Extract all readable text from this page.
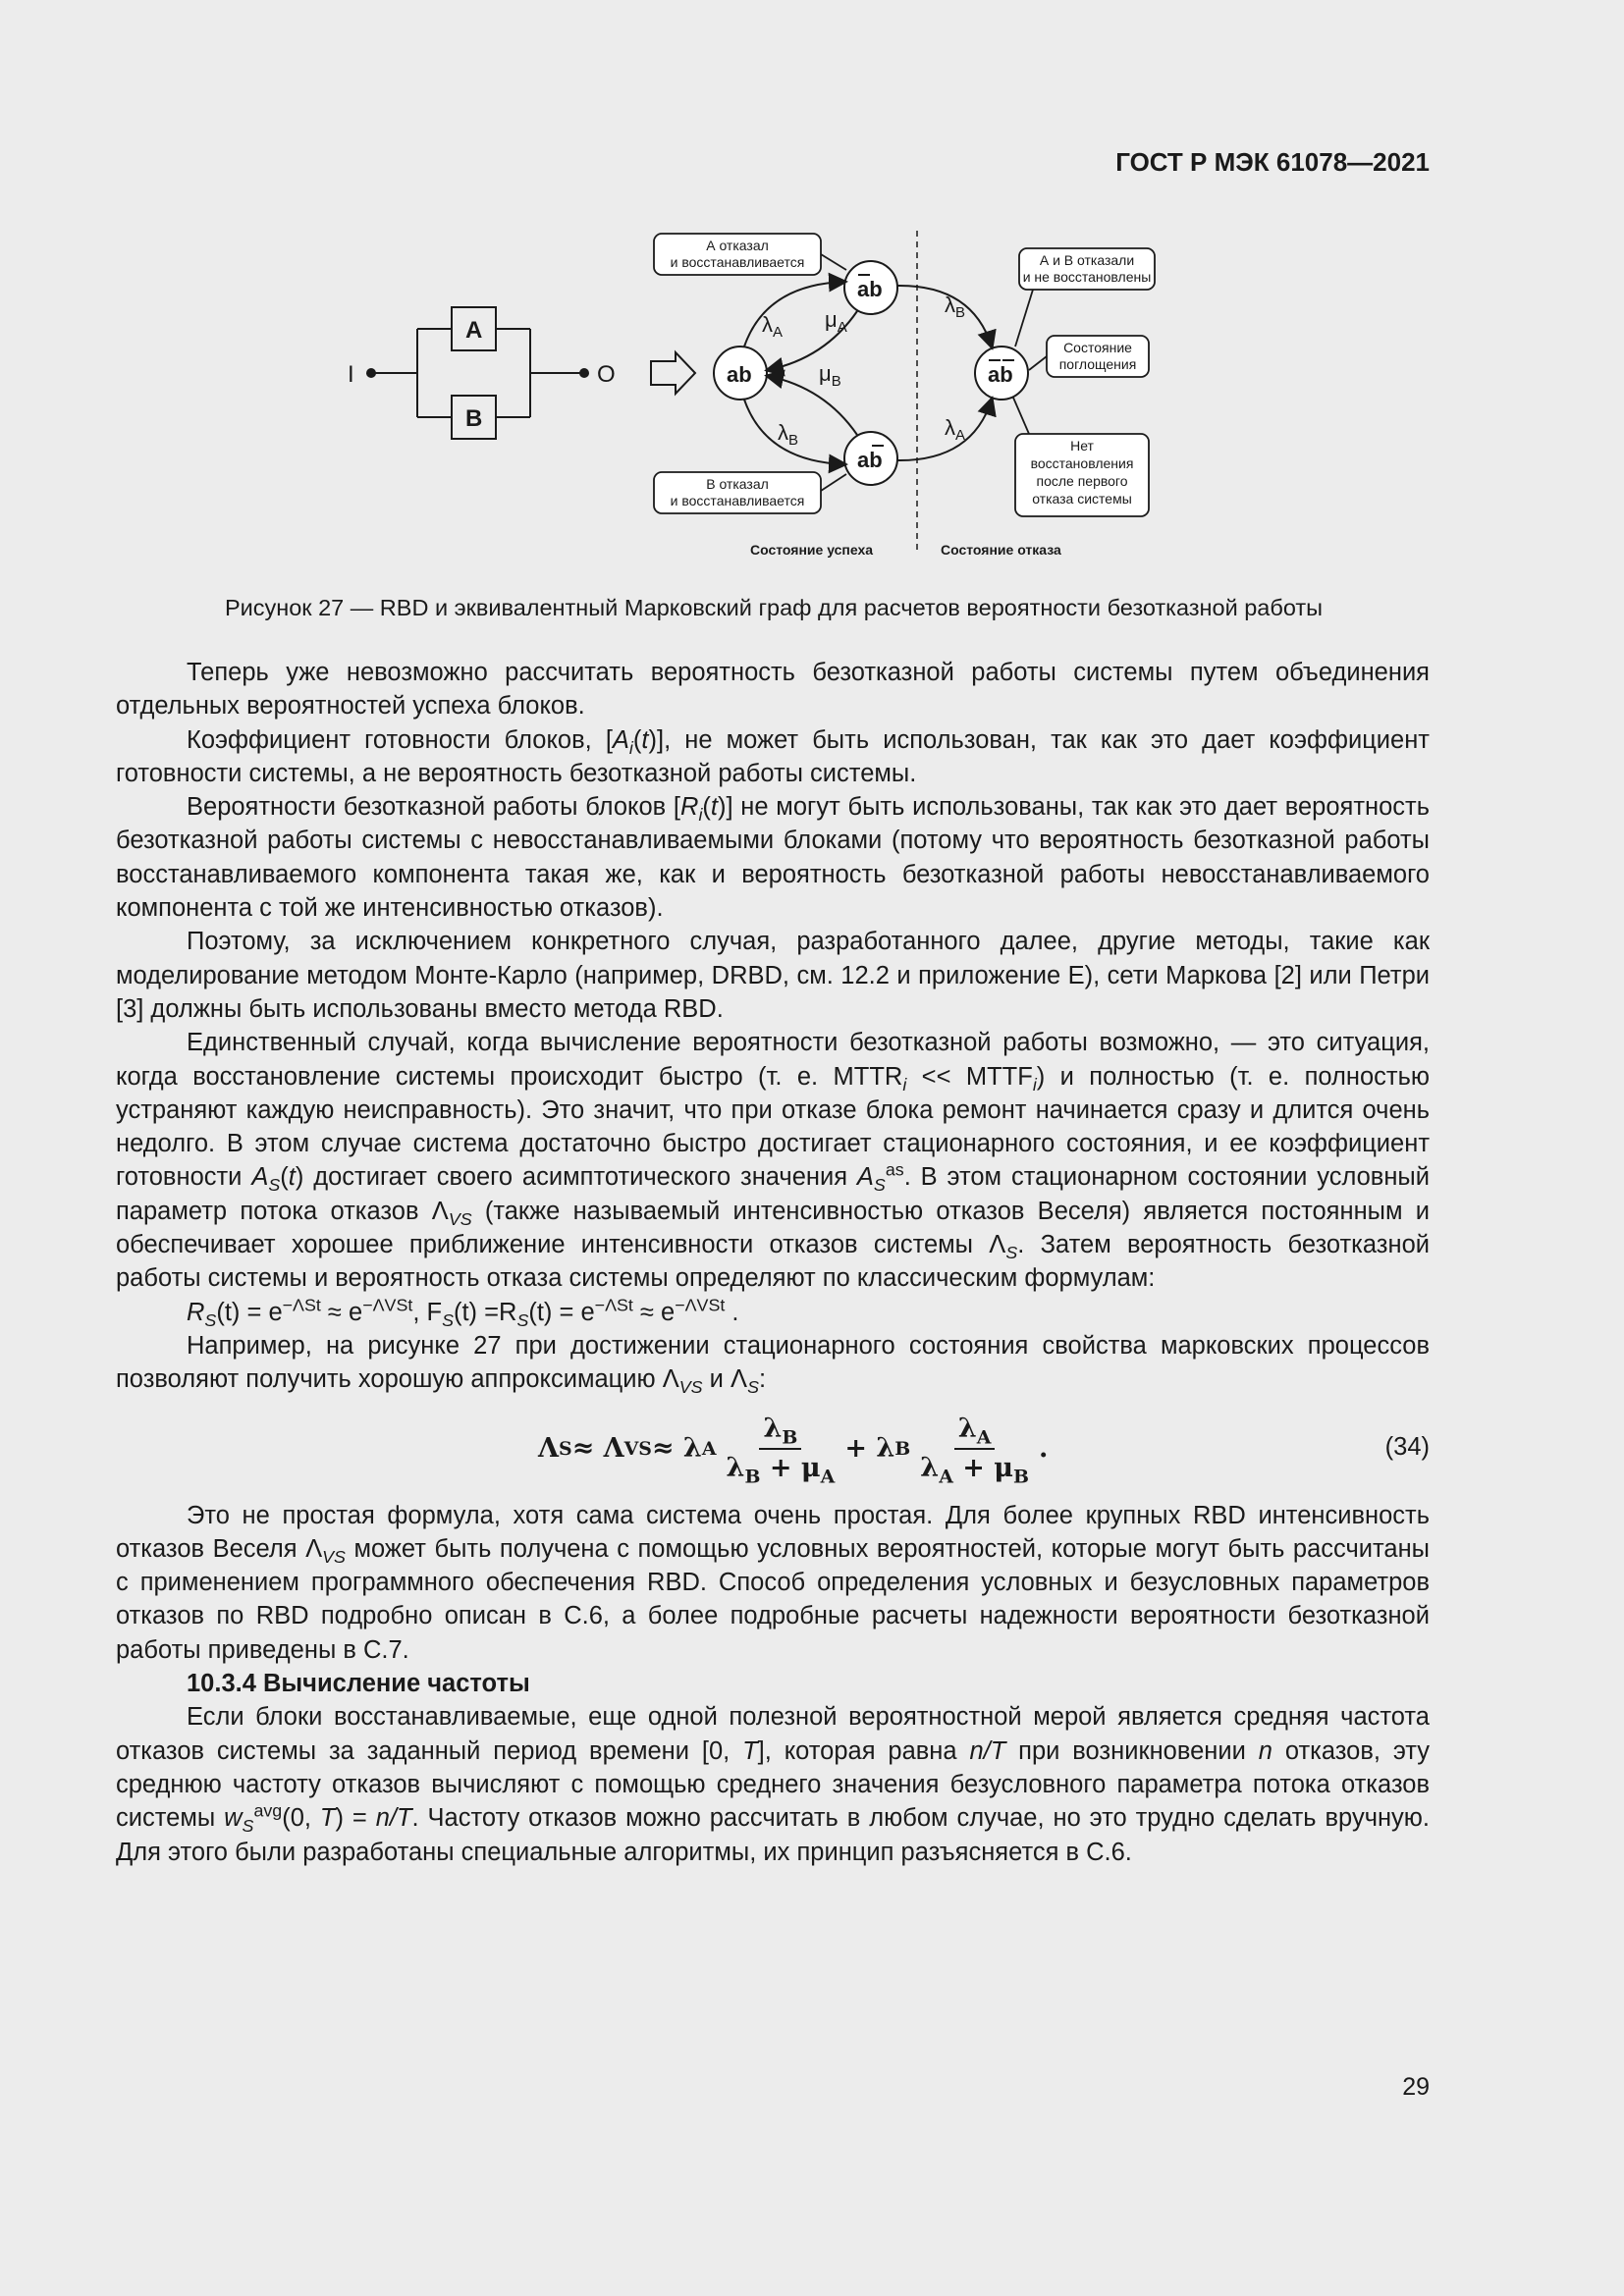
ГОСТ Р МЭК 61078—2021
I	O
A
B
ab
ab
ab
ab
$\lambda_A$
$\mu_A$
$\mu_B$
$\lambda_B$
$\lambda_B$
$\lambda_A$
А отказал
и восстанавливается
В отказал
и восстанавливается
А и В отказали
и не восстановлены
Состояние
поглощения
Нет
восстановления
после первого
отказа системы
Состояние успеха	Состояние отказа
Рисунок 27 — RBD и эквивалентный Марковский граф для расчетов вероятности безотказной работы

Теперь уже невозможно рассчитать вероятность безотказной работы системы путем объединения отдельных вероятностей успеха блоков.

Коэффициент готовности блоков, $[A_i(t)]$, не может быть использован, так как это дает коэффициент готовности системы, а не вероятность безотказной работы системы.

Вероятности безотказной работы блоков $[R_i(t)]$ не могут быть использованы, так как это дает вероятность безотказной работы системы с невосстанавливаемыми блоками (потому что вероятность безотказной работы восстанавливаемого компонента такая же, как и вероятность безотказной работы невосстанавливаемого компонента с той же интенсивностью отказов).

Поэтому, за исключением конкретного случая, разработанного далее, другие методы, такие как моделирование методом Монте-Карло (например, DRBD, см. 12.2 и приложение Е), сети Маркова [2] или Петри [3] должны быть использованы вместо метода RBD.

Единственный случай, когда вычисление вероятности безотказной работы возможно, — это ситуация, когда восстановление системы происходит быстро (т. е. $MTTR_i$ << $MTTF_i$) и полностью (т. е. полностью устраняют каждую неисправность). Это значит, что при отказе блока ремонт начинается сразу и длится очень недолго. В этом случае система достаточно быстро достигает стационарного состояния, и ее коэффициент готовности $A_S(t)$ достигает своего асимптотического значения $A_S^{as}$. В этом стационарном состоянии условный параметр потока отказов $\Lambda_{VS}$ (также называемый интенсивностью отказов Веселя) является постоянным и обеспечивает хорошее приближение интенсивности отказов системы $\Lambda_S$. Затем вероятность безотказной работы системы и вероятность отказа системы определяют по классическим формулам:

$R_S(t) = e^{-\Lambda St} \approx e^{-\Lambda VSt}$, $F_S(t) =R_S(t) = e^{-\Lambda St} \approx e^{-\Lambda VSt}$ .

Например, на рисунке 27 при достижении стационарного состояния свойства марковских процессов позволяют получить хорошую аппроксимацию $\Lambda_{VS}$ и $\Lambda_S$:

Λ S ≈ Λ VS ≈ λ A $\frac{\lambda_B}{\lambda_B + \mu_A} + \lambda$ B $\frac{\lambda_A}{\lambda_A + \mu_B}$ .	(34)

Это не простая формула, хотя сама система очень простая. Для более крупных RBD интенсивность отказов Веселя $\Lambda_{VS}$ может быть получена с помощью условных вероятностей, которые могут быть рассчитаны с применением программного обеспечения RBD. Способ определения условных и безусловных параметров отказов по RBD подробно описан в С.6, а более подробные расчеты надежности вероятности безотказной работы приведены в С.7.

10.3.4 Вычисление частоты

Если блоки восстанавливаемые, еще одной полезной вероятностной мерой является средняя частота отказов системы за заданный период времени [0, T], которая равна n/T при возникновении n отказов, эту среднюю частоту отказов вычисляют с помощью среднего значения безусловного параметра потока отказов системы $w_S^{avg}(0$, T) = n/T. Частоту отказов можно рассчитать в любом случае, но это трудно сделать вручную. Для этого были разработаны специальные алгоритмы, их принцип разъясняется в С.6.

29
